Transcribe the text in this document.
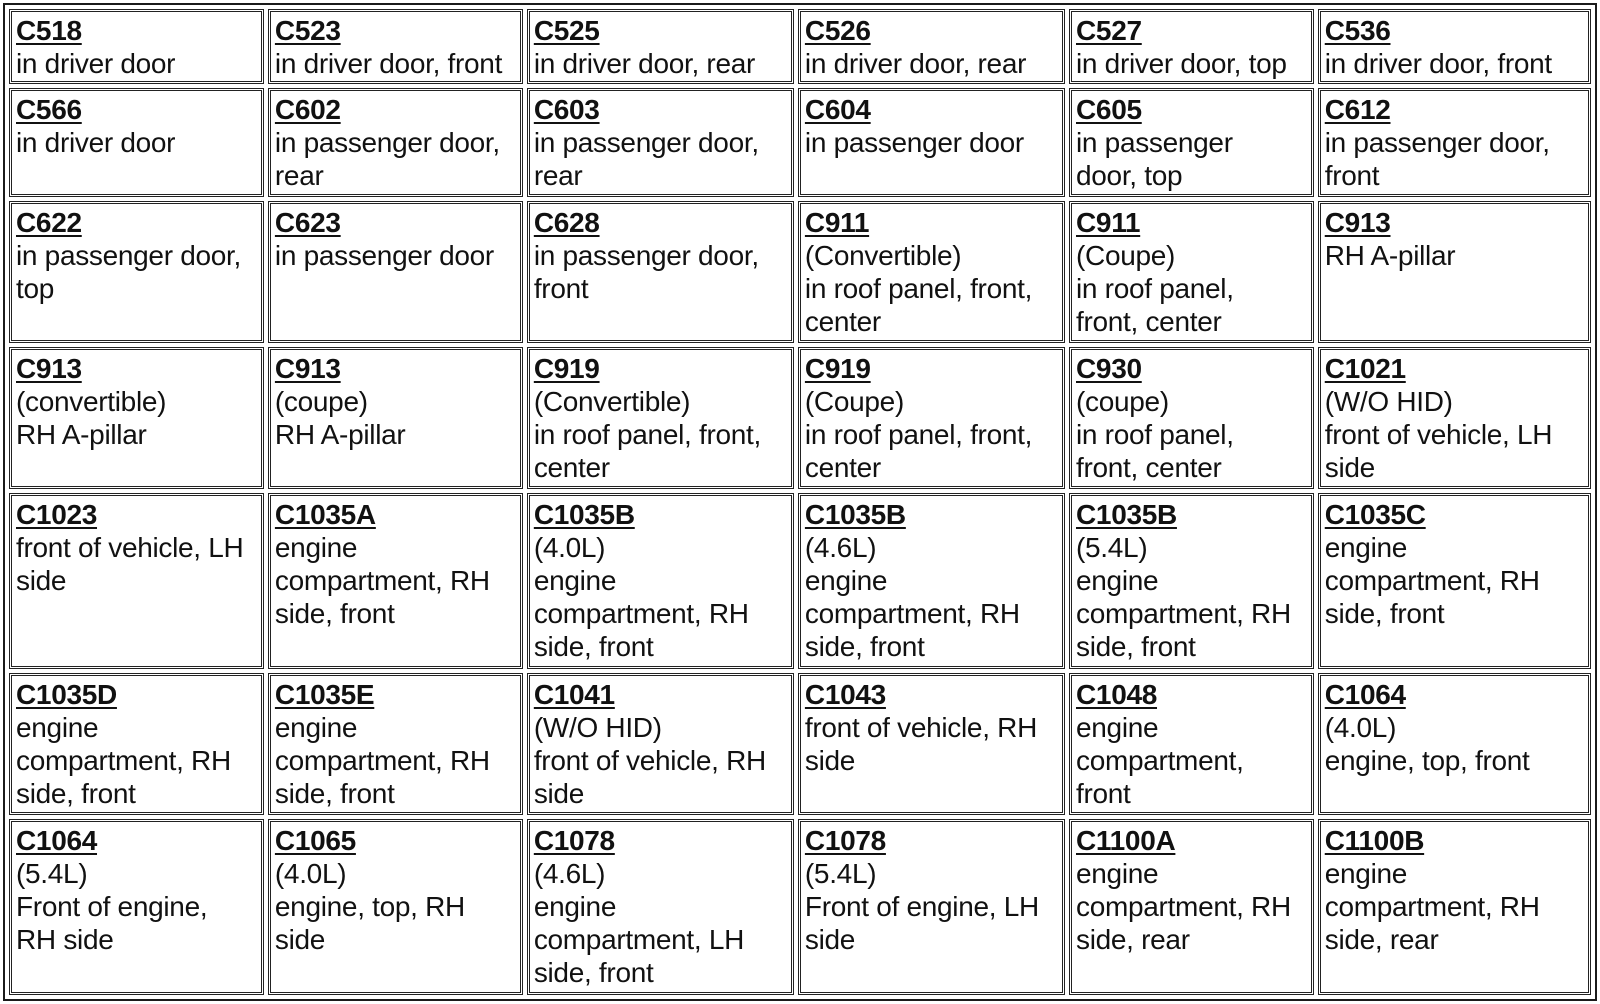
C518
in driver door	C523
in driver door, front	C525
in driver door, rear	C526
in driver door, rear	C527
in driver door, top	C536
in driver door, front

C566
in driver door	C602
in passenger door,
rear	C603
in passenger door,
rear	C604
in passenger door	C605
in passenger
door, top	C612
in passenger door,
front

C622
in passenger door,
top	C623
in passenger door	C628
in passenger door,
front	C911
(Convertible)
in roof panel, front,
center	C911
(Coupe)
in roof panel,
front, center	C913
RH A-pillar

C913
(convertible)
RH A-pillar	C913
(coupe)
RH A-pillar	C919
(Convertible)
in roof panel, front,
center	C919
(Coupe)
in roof panel, front,
center	C930
(coupe)
in roof panel,
front, center	C1021
(W/O HID)
front of vehicle, LH
side

C1023
front of vehicle, LH
side	C1035A
engine
compartment, RH
side, front	C1035B
(4.0L)
engine
compartment, RH
side, front	C1035B
(4.6L)
engine
compartment, RH
side, front	C1035B
(5.4L)
engine
compartment, RH
side, front	C1035C
engine
compartment, RH
side, front

C1035D
engine
compartment, RH
side, front	C1035E
engine
compartment, RH
side, front	C1041
(W/O HID)
front of vehicle, RH
side	C1043
front of vehicle, RH
side	C1048
engine
compartment,
front	C1064
(4.0L)
engine, top, front

C1064
(5.4L)
Front of engine,
RH side	C1065
(4.0L)
engine, top, RH
side	C1078
(4.6L)
engine
compartment, LH
side, front	C1078
(5.4L)
Front of engine, LH
side	C1100A
engine
compartment, RH
side, rear	C1100B
engine
compartment, RH
side, rear
